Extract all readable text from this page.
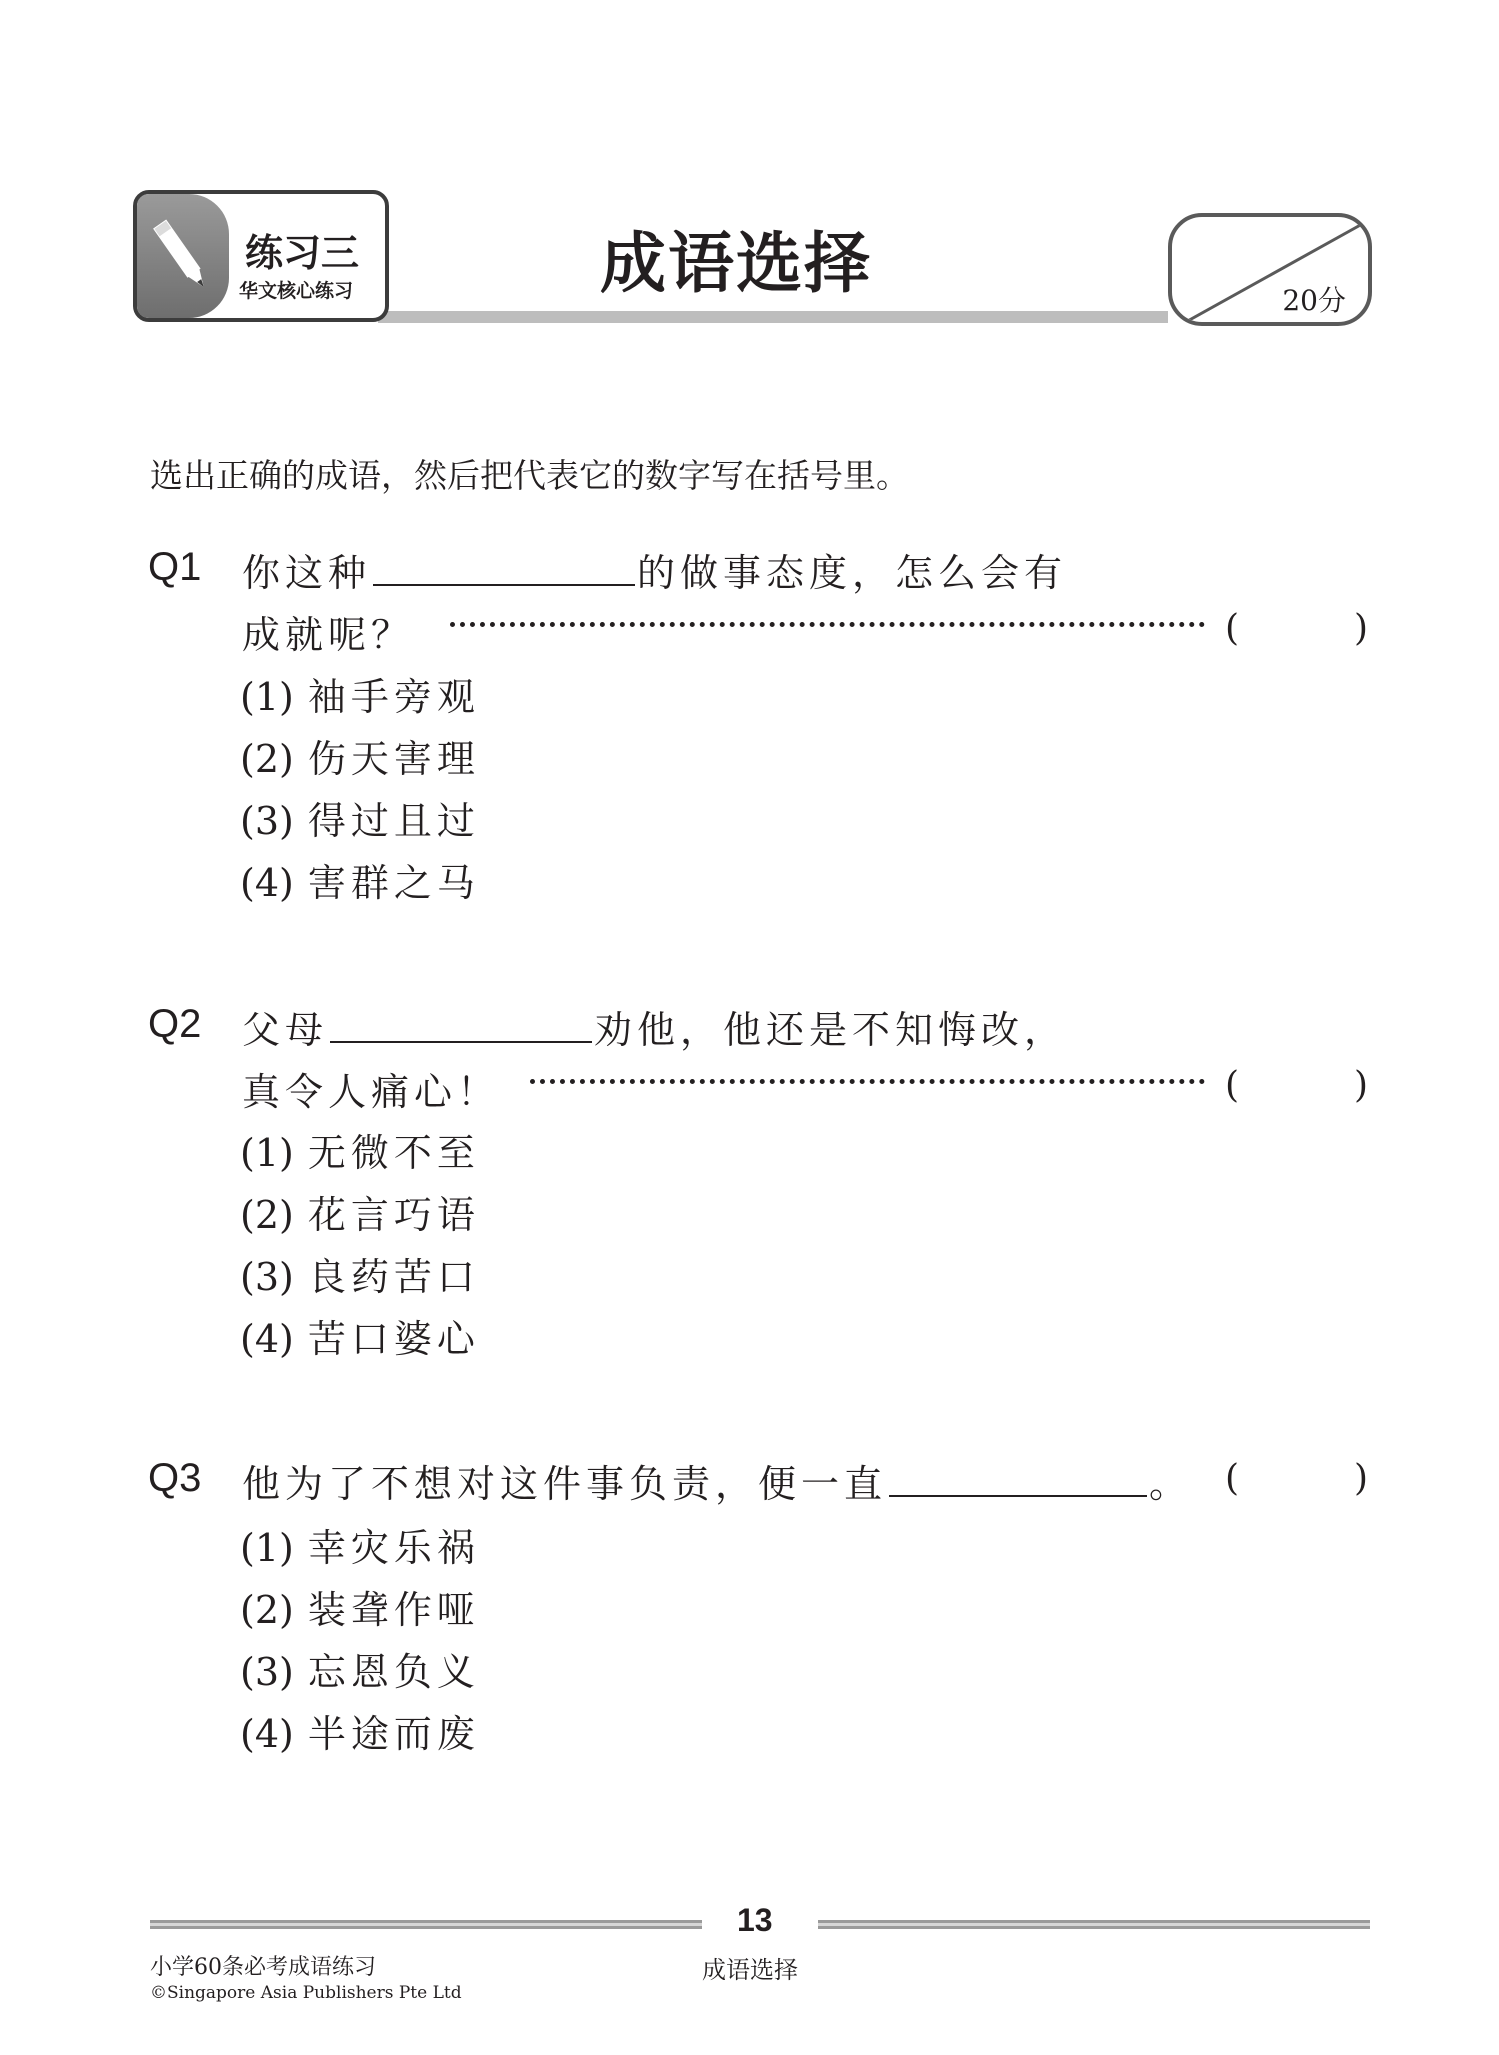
练习三
华文核心练习	成语选择	20分
选出正确的成语，然后把代表它的数字写在括号里。
Q1 你这种	的做事态度，怎么会有
成就呢？	(	)
(1) 袖手旁观
(2) 伤天害理
(3) 得过且过
(4) 害群之马
Q2 父母	劝他，他还是不知悔改，
真令人痛心！	(	)
(1) 无微不至
(2) 花言巧语
(3) 良药苦口
(4) 苦口婆心
Q3 他为了不想对这件事负责，便一直	。 (	)
(1) 幸灾乐祸
(2) 装聋作哑
(3) 忘恩负义
(4) 半途而废
13
小学60条必考成语练习
©Singapore Asia Publishers Pte Ltd
成语选择
